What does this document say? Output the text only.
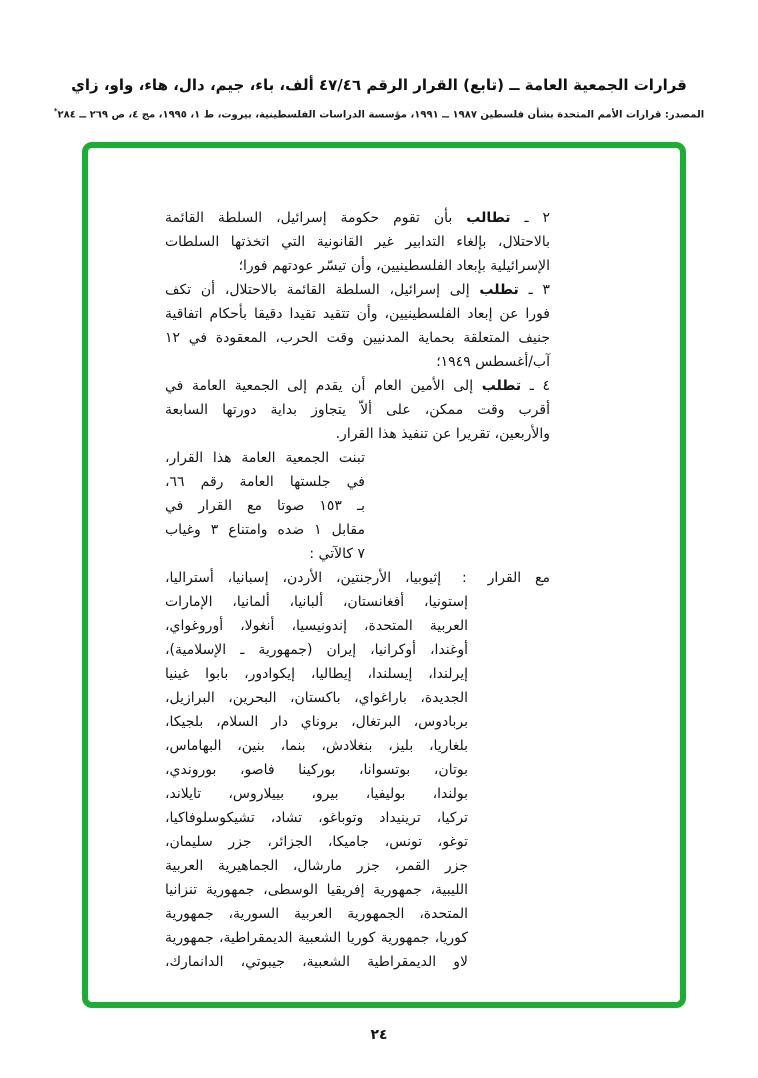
قرارات الجمعية العامة ــ (تابع) القرار الرقم ٤٧/٤٦ ألف، باء، جيم، دال، هاء، واو، زاي
المصدر: قرارات الأمم المتحدة بشأن فلسطين ١٩٨٧ ــ ١٩٩١، مؤسسة الدراسات الفلسطينية، بيروت، ط ١، ١٩٩٥، مج ٤، ص ٢٦٩ ــ ٢٨٤*
٢ ـ تطالب بأن تقوم حكومة إسرائيل، السلطة القائمة
بالاحتلال، بإلغاء التدابير غير القانونية التي اتخذتها السلطات
الإسرائيلية بإبعاد الفلسطينيين، وأن تيسّر عودتهم فورا؛
٣ ـ تطلب إلى إسرائيل، السلطة القائمة بالاحتلال، أن تكف
فورا عن إبعاد الفلسطينيين، وأن تتقيد تقيدا دقيقا بأحكام اتفاقية
جنيف المتعلقة بحماية المدنيين وقت الحرب، المعقودة في ١٢
آب/أغسطس ١٩٤٩؛
٤ ـ تطلب إلى الأمين العام أن يقدم إلى الجمعية العامة في
أقرب وقت ممكن، على ألاّ يتجاوز بداية دورتها السابعة
والأربعين، تقريرا عن تنفيذ هذا القرار.
تبنت الجمعية العامة هذا القرار،
في جلستها العامة رقم ٦٦،
بـ ١٥٣ صوتا مع القرار في
مقابل ١ ضده وامتناع ٣ وغياب
٧ كالآتي :
مع القرار : إثيوبيا، الأرجنتين، الأردن، إسبانيا، أستراليا،
إستونيا، أفغانستان، ألبانيا، ألمانيا، الإمارات
العربية المتحدة، إندونيسيا، أنغولا، أوروغواي،
أوغندا، أوكرانيا، إيران (جمهورية ـ الإسلامية)،
إيرلندا، إيسلندا، إيطاليا، إيكوادور، بابوا غينيا
الجديدة، باراغواي، باكستان، البحرين، البرازيل،
بربادوس، البرتغال، بروناي دار السلام، بلجيكا،
بلغاريا، بليز، بنغلادش، بنما، بنين، البهاماس،
بوتان، بوتسوانا، بوركينا فاصو، بوروندي،
بولندا، بوليفيا، بيرو، بييلاروس، تايلاند،
تركيا، ترينيداد وتوباغو، تشاد، تشيكوسلوفاكيا،
توغو، تونس، جاميكا، الجزائر، جزر سليمان،
جزر القمر، جزر مارشال، الجماهيرية العربية
الليبية، جمهورية إفريقيا الوسطى، جمهورية تنزانيا
المتحدة، الجمهورية العربية السورية، جمهورية
كوريا، جمهورية كوريا الشعبية الديمقراطية، جمهورية
لاو الديمقراطية الشعبية، جيبوتي، الدانمارك،
٢٤
